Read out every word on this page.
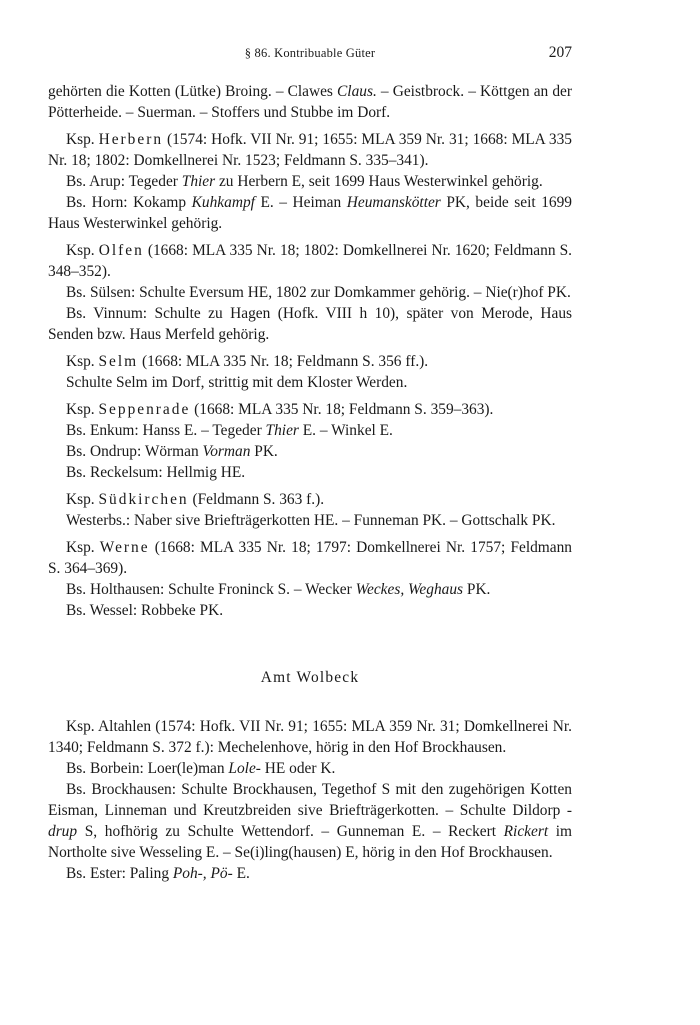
§ 86. Kontribuable Güter	207

gehörten die Kotten (Lütke) Broing. – Clawes Claus. – Geistbrock. – Köttgen an der Pötterheide. – Suerman. – Stoffers und Stubbe im Dorf.

Ksp. Herbern (1574: Hofk. VII Nr. 91; 1655: MLA 359 Nr. 31; 1668: MLA 335 Nr. 18; 1802: Domkellnerei Nr. 1523; Feldmann S. 335–341).

Bs. Arup: Tegeder Thier zu Herbern E, seit 1699 Haus Westerwinkel gehörig.

Bs. Horn: Kokamp Kuhkampf E. – Heiman Heumanskötter PK, beide seit 1699 Haus Westerwinkel gehörig.

Ksp. Olfen (1668: MLA 335 Nr. 18; 1802: Domkellnerei Nr. 1620; Feldmann S. 348–352).

Bs. Sülsen: Schulte Eversum HE, 1802 zur Domkammer gehörig. – Nie(r)hof PK.

Bs. Vinnum: Schulte zu Hagen (Hofk. VIII h 10), später von Merode, Haus Senden bzw. Haus Merfeld gehörig.

Ksp. Selm (1668: MLA 335 Nr. 18; Feldmann S. 356 ff.).

Schulte Selm im Dorf, strittig mit dem Kloster Werden.

Ksp. Seppenrade (1668: MLA 335 Nr. 18; Feldmann S. 359–363).

Bs. Enkum: Hanss E. – Tegeder Thier E. – Winkel E.

Bs. Ondrup: Wörman Vorman PK.

Bs. Reckelsum: Hellmig HE.

Ksp. Südkirchen (Feldmann S. 363 f.).

Westerbs.: Naber sive Briefträgerkotten HE. – Funneman PK. – Gottschalk PK.

Ksp. Werne (1668: MLA 335 Nr. 18; 1797: Domkellnerei Nr. 1757; Feldmann S. 364–369).

Bs. Holthausen: Schulte Froninck S. – Wecker Weckes, Weghaus PK.

Bs. Wessel: Robbeke PK.

Amt Wolbeck

Ksp. Altahlen (1574: Hofk. VII Nr. 91; 1655: MLA 359 Nr. 31; Domkellnerei Nr. 1340; Feldmann S. 372 f.): Mechelenhove, hörig in den Hof Brockhausen.

Bs. Borbein: Loer(le)man Lole- HE oder K.

Bs. Brockhausen: Schulte Brockhausen, Tegethof S mit den zugehörigen Kotten Eisman, Linneman und Kreutzbreiden sive Briefträgerkotten. – Schulte Dildorp -drup S, hofhörig zu Schulte Wettendorf. – Gunneman E. – Reckert Rickert im Northolte sive Wesseling E. – Se(i)ling(hausen) E, hörig in den Hof Brockhausen.

Bs. Ester: Paling Poh-, Pö- E.
